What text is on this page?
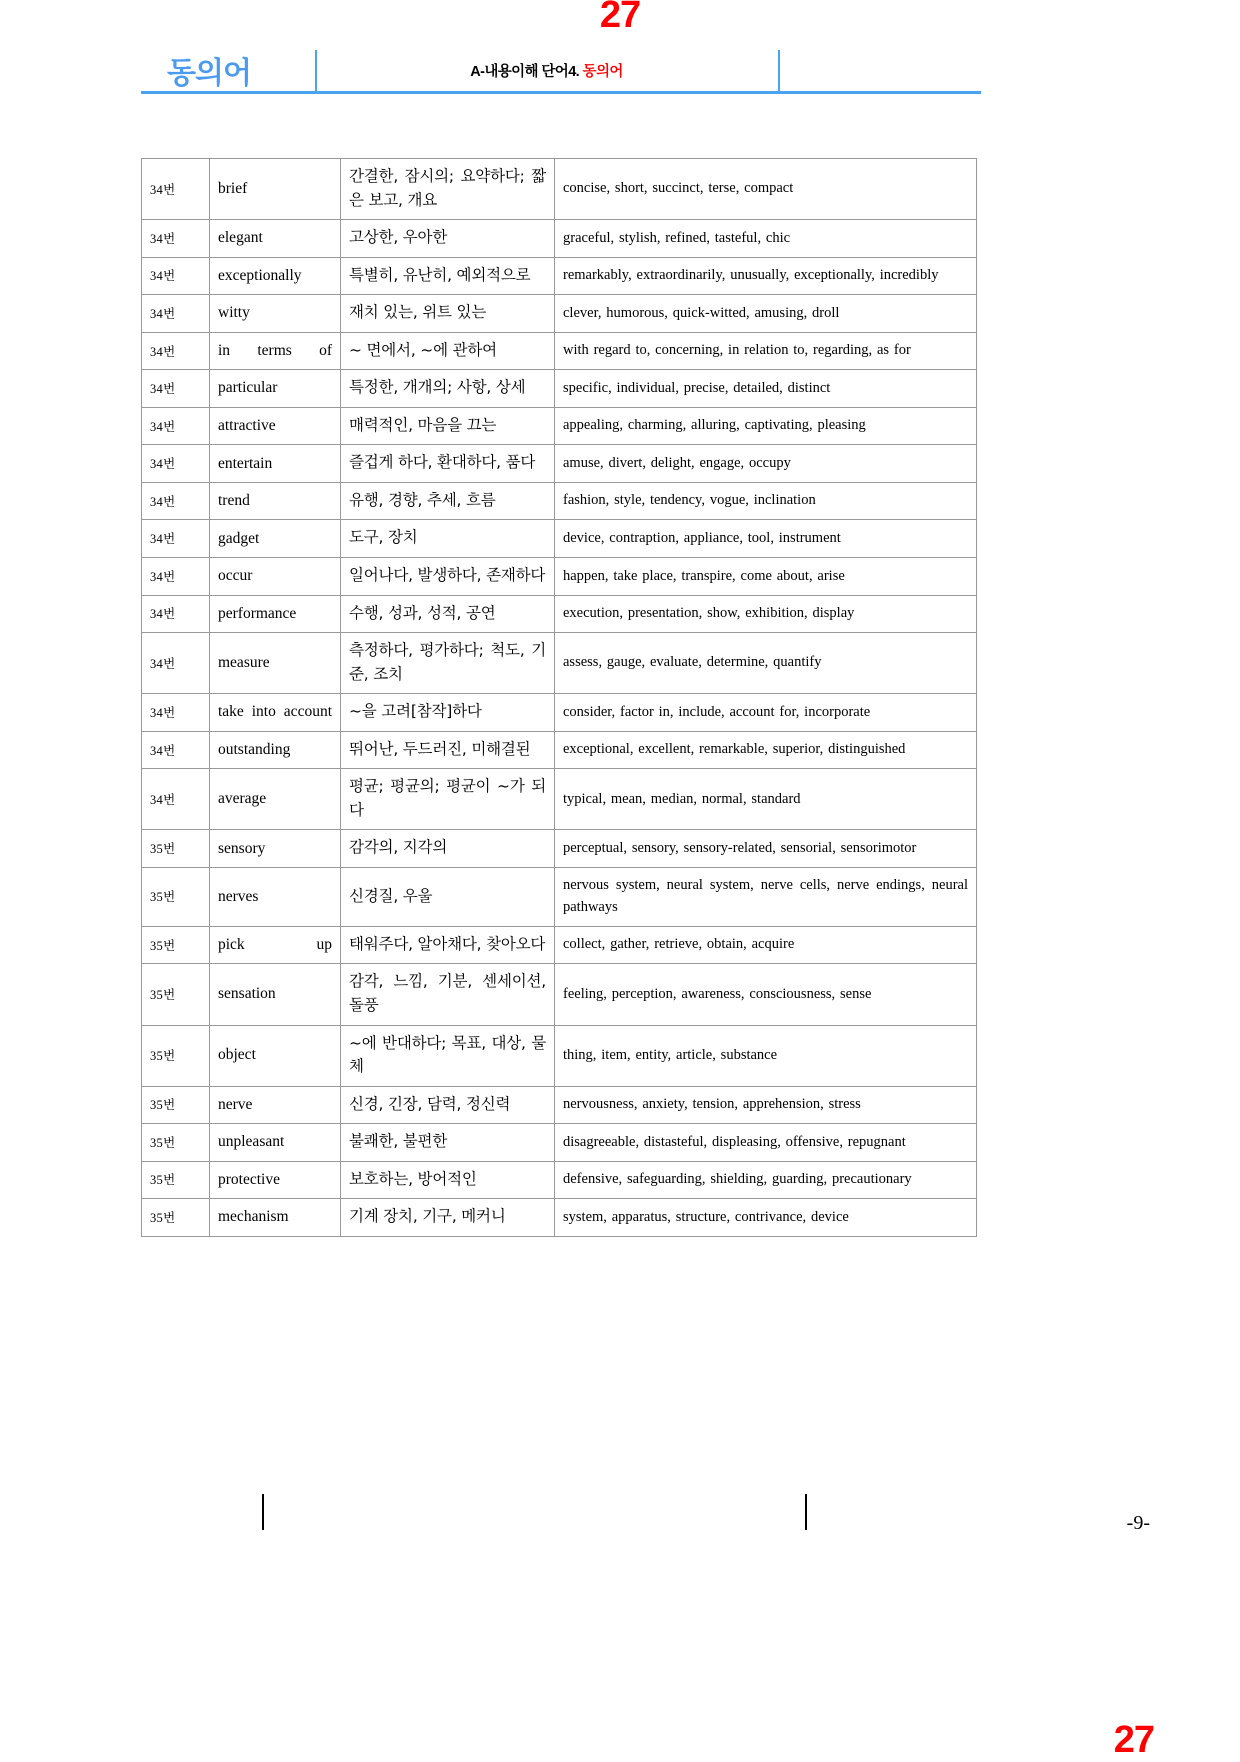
27
동의어	A-내용이해 단어4. 동의어
34번	brief	간결한, 잠시의; 요약하다; 짧은 보고, 개요	concise, short, succinct, terse, compact
34번	elegant	고상한, 우아한	graceful, stylish, refined, tasteful, chic
34번	exceptionally	특별히, 유난히, 예외적으로	remarkably, extraordinarily, unusually, exceptionally, incredibly
34번	witty	재치 있는, 위트 있는	clever, humorous, quick-witted, amusing, droll
34번	in terms of	~ 면에서, ~에 관하여	with regard to, concerning, in relation to, regarding, as for
34번	particular	특정한, 개개의; 사항, 상세	specific, individual, precise, detailed, distinct
34번	attractive	매력적인, 마음을 끄는	appealing, charming, alluring, captivating, pleasing
34번	entertain	즐겁게 하다, 환대하다, 품다	amuse, divert, delight, engage, occupy
34번	trend	유행, 경향, 추세, 흐름	fashion, style, tendency, vogue, inclination
34번	gadget	도구, 장치	device, contraption, appliance, tool, instrument
34번	occur	일어나다, 발생하다, 존재하다	happen, take place, transpire, come about, arise
34번	performance	수행, 성과, 성적, 공연	execution, presentation, show, exhibition, display
34번	measure	측정하다, 평가하다; 척도, 기준, 조치	assess, gauge, evaluate, determine, quantify
34번	take into account	~을 고려[참작]하다	consider, factor in, include, account for, incorporate
34번	outstanding	뛰어난, 두드러진, 미해결된	exceptional, excellent, remarkable, superior, distinguished
34번	average	평균; 평균의; 평균이 ~가 되다	typical, mean, median, normal, standard
35번	sensory	감각의, 지각의	perceptual, sensory, sensory-related, sensorial, sensorimotor
35번	nerves	신경질, 우울	nervous system, neural system, nerve cells, nerve endings, neural pathways
35번	pick up	태워주다, 알아채다, 찾아오다	collect, gather, retrieve, obtain, acquire
35번	sensation	감각, 느낌, 기분, 센세이션, 돌풍	feeling, perception, awareness, consciousness, sense
35번	object	~에 반대하다; 목표, 대상, 물체	thing, item, entity, article, substance
35번	nerve	신경, 긴장, 담력, 정신력	nervousness, anxiety, tension, apprehension, stress
35번	unpleasant	불쾌한, 불편한	disagreeable, distasteful, displeasing, offensive, repugnant
35번	protective	보호하는, 방어적인	defensive, safeguarding, shielding, guarding, precautionary
35번	mechanism	기계 장치, 기구, 메커니	system, apparatus, structure, contrivance, device
-9-
27
